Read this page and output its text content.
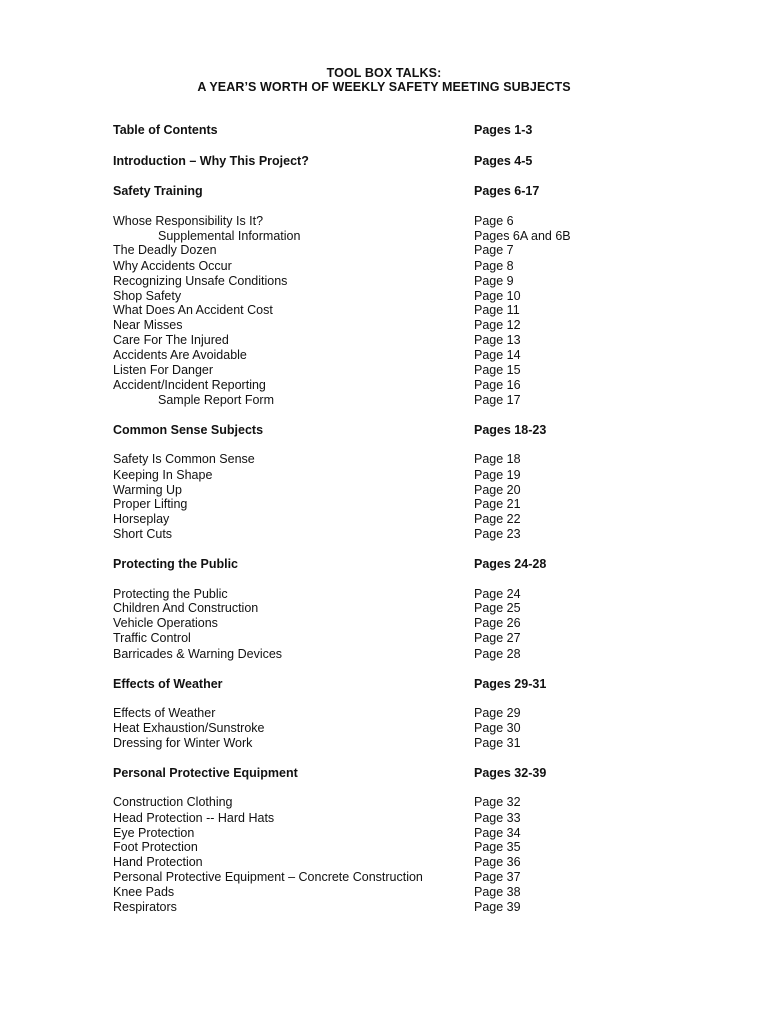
TOOL BOX TALKS:
A YEAR’S WORTH OF WEEKLY SAFETY MEETING SUBJECTS
Table of Contents	Pages 1-3
Introduction – Why This Project?	Pages 4-5
Safety Training	Pages 6-17
Whose Responsibility Is It?	Page 6
Supplemental Information	Pages 6A and 6B
The Deadly Dozen	Page 7
Why Accidents Occur	Page 8
Recognizing Unsafe Conditions	Page 9
Shop Safety	Page 10
What Does An Accident Cost	Page 11
Near Misses	Page 12
Care For The Injured	Page 13
Accidents Are Avoidable	Page 14
Listen For Danger	Page 15
Accident/Incident Reporting	Page 16
Sample Report Form	Page 17
Common Sense Subjects	Pages 18-23
Safety Is Common Sense	Page 18
Keeping In Shape	Page 19
Warming Up	Page 20
Proper Lifting	Page 21
Horseplay	Page 22
Short Cuts	Page 23
Protecting the Public	Pages 24-28
Protecting the Public	Page 24
Children And Construction	Page 25
Vehicle Operations	Page 26
Traffic Control	Page 27
Barricades & Warning Devices	Page 28
Effects of Weather	Pages 29-31
Effects of Weather	Page 29
Heat Exhaustion/Sunstroke	Page 30
Dressing for Winter Work	Page 31
Personal Protective Equipment	Pages 32-39
Construction Clothing	Page 32
Head Protection -- Hard Hats	Page 33
Eye Protection	Page 34
Foot Protection	Page 35
Hand Protection	Page 36
Personal Protective Equipment – Concrete Construction	Page 37
Knee Pads	Page 38
Respirators	Page 39
